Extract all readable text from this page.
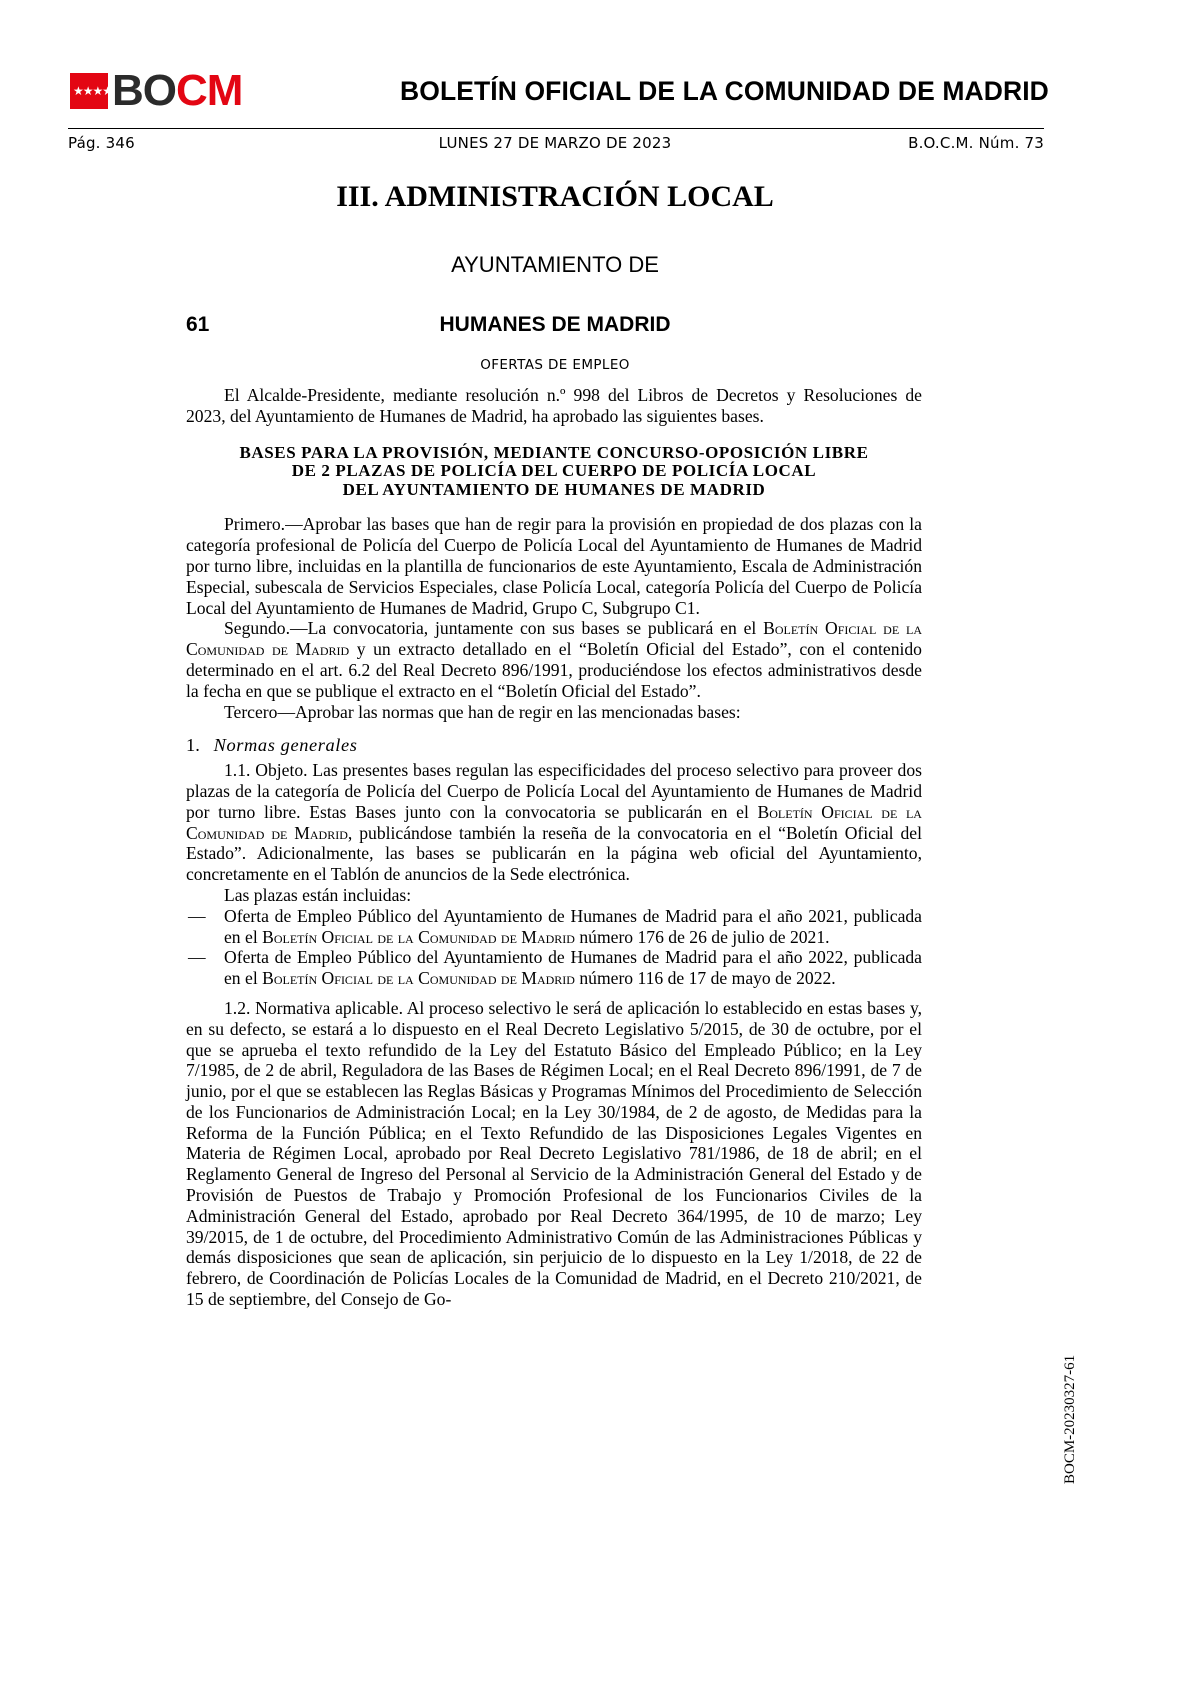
★★★★ BOCM	BOLETÍN OFICIAL DE LA COMUNIDAD DE MADRID
Pág. 346	LUNES 27 DE MARZO DE 2023	B.O.C.M. Núm. 73
III. ADMINISTRACIÓN LOCAL
AYUNTAMIENTO DE
61	HUMANES DE MADRID
OFERTAS DE EMPLEO

El Alcalde-Presidente, mediante resolución n.º 998 del Libros de Decretos y Resoluciones de 2023, del Ayuntamiento de Humanes de Madrid, ha aprobado las siguientes bases.

BASES PARA LA PROVISIÓN, MEDIANTE CONCURSO-OPOSICIÓN LIBRE
DE 2 PLAZAS DE POLICÍA DEL CUERPO DE POLICÍA LOCAL
DEL AYUNTAMIENTO DE HUMANES DE MADRID

Primero.—Aprobar las bases que han de regir para la provisión en propiedad de dos plazas con la categoría profesional de Policía del Cuerpo de Policía Local del Ayuntamiento de Humanes de Madrid por turno libre, incluidas en la plantilla de funcionarios de este Ayuntamiento, Escala de Administración Especial, subescala de Servicios Especiales, clase Policía Local, categoría Policía del Cuerpo de Policía Local del Ayuntamiento de Humanes de Madrid, Grupo C, Subgrupo C1.

Segundo.—La convocatoria, juntamente con sus bases se publicará en el Boletín Oficial de la Comunidad de Madrid y un extracto detallado en el “Boletín Oficial del Estado”, con el contenido determinado en el art. 6.2 del Real Decreto 896/1991, produciéndose los efectos administrativos desde la fecha en que se publique el extracto en el “Boletín Oficial del Estado”.

Tercero—Aprobar las normas que han de regir en las mencionadas bases:

1. Normas generales

1.1. Objeto. Las presentes bases regulan las especificidades del proceso selectivo para proveer dos plazas de la categoría de Policía del Cuerpo de Policía Local del Ayuntamiento de Humanes de Madrid por turno libre. Estas Bases junto con la convocatoria se publicarán en el Boletín Oficial de la Comunidad de Madrid, publicándose también la reseña de la convocatoria en el “Boletín Oficial del Estado”. Adicionalmente, las bases se publicarán en la página web oficial del Ayuntamiento, concretamente en el Tablón de anuncios de la Sede electrónica.

Las plazas están incluidas:

—	Oferta de Empleo Público del Ayuntamiento de Humanes de Madrid para el año 2021, publicada en el Boletín Oficial de la Comunidad de Madrid número 176 de 26 de julio de 2021.
—	Oferta de Empleo Público del Ayuntamiento de Humanes de Madrid para el año 2022, publicada en el Boletín Oficial de la Comunidad de Madrid número 116 de 17 de mayo de 2022.

1.2. Normativa aplicable. Al proceso selectivo le será de aplicación lo establecido en estas bases y, en su defecto, se estará a lo dispuesto en el Real Decreto Legislativo 5/2015, de 30 de octubre, por el que se aprueba el texto refundido de la Ley del Estatuto Básico del Empleado Público; en la Ley 7/1985, de 2 de abril, Reguladora de las Bases de Régimen Local; en el Real Decreto 896/1991, de 7 de junio, por el que se establecen las Reglas Básicas y Programas Mínimos del Procedimiento de Selección de los Funcionarios de Administración Local; en la Ley 30/1984, de 2 de agosto, de Medidas para la Reforma de la Función Pública; en el Texto Refundido de las Disposiciones Legales Vigentes en Materia de Régimen Local, aprobado por Real Decreto Legislativo 781/1986, de 18 de abril; en el Reglamento General de Ingreso del Personal al Servicio de la Administración General del Estado y de Provisión de Puestos de Trabajo y Promoción Profesional de los Funcionarios Civiles de la Administración General del Estado, aprobado por Real Decreto 364/1995, de 10 de marzo; Ley 39/2015, de 1 de octubre, del Procedimiento Administrativo Común de las Administraciones Públicas y demás disposiciones que sean de aplicación, sin perjuicio de lo dispuesto en la Ley 1/2018, de 22 de febrero, de Coordinación de Policías Locales de la Comunidad de Madrid, en el Decreto 210/2021, de 15 de septiembre, del Consejo de Go-

BOCM-20230327-61
